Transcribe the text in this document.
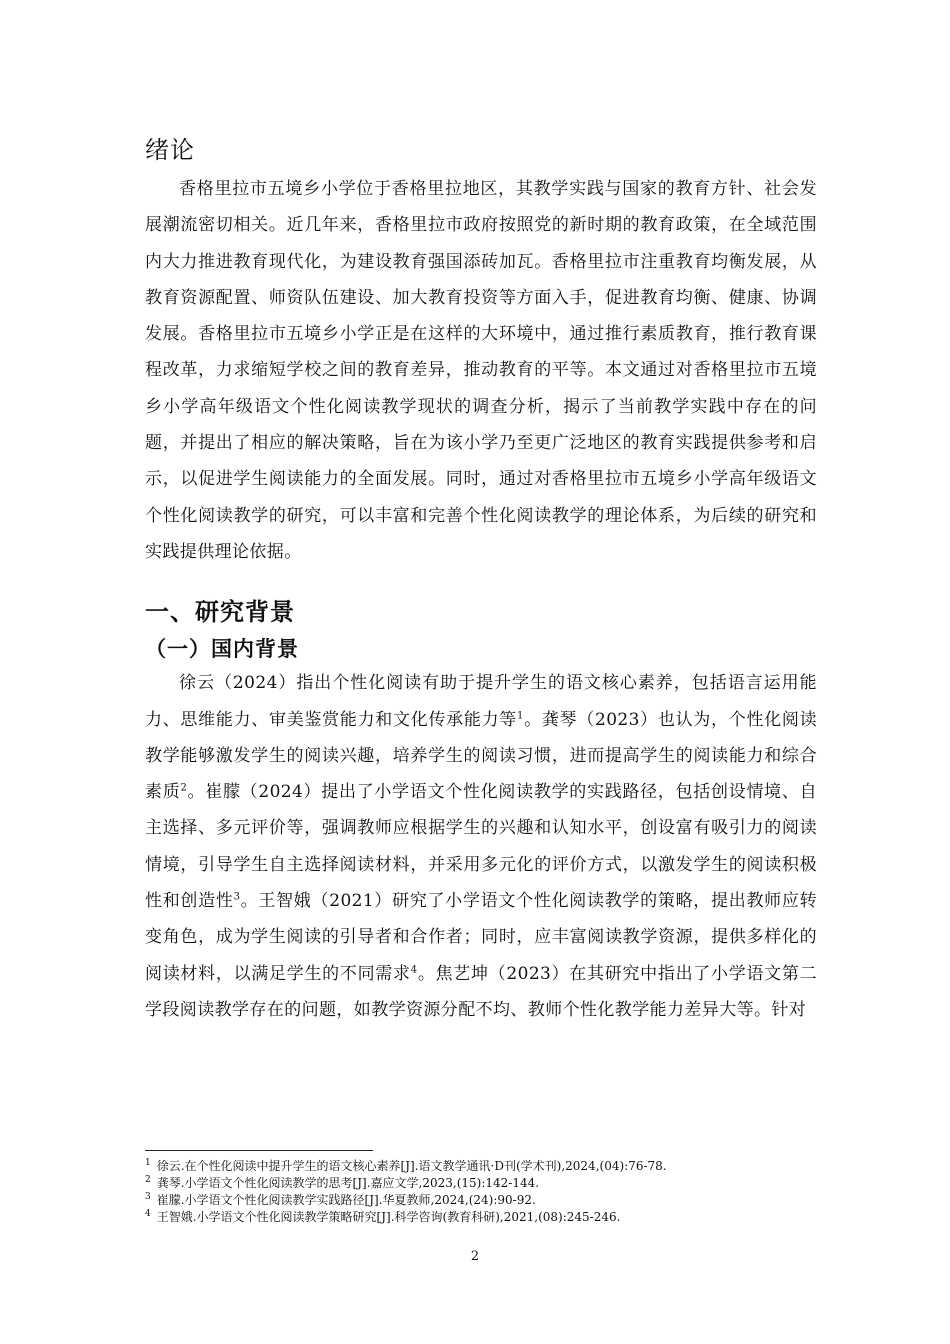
绪论

香格里拉市五境乡小学位于香格里拉地区，其教学实践与国家的教育方针、社会发展潮流密切相关。近几年来，香格里拉市政府按照党的新时期的教育政策，在全域范围内大力推进教育现代化，为建设教育强国添砖加瓦。香格里拉市注重教育均衡发展，从教育资源配置、师资队伍建设、加大教育投资等方面入手，促进教育均衡、健康、协调发展。香格里拉市五境乡小学正是在这样的大环境中，通过推行素质教育，推行教育课程改革，力求缩短学校之间的教育差异，推动教育的平等。本文通过对香格里拉市五境乡小学高年级语文个性化阅读教学现状的调查分析，揭示了当前教学实践中存在的问题，并提出了相应的解决策略，旨在为该小学乃至更广泛地区的教育实践提供参考和启示，以促进学生阅读能力的全面发展。同时，通过对香格里拉市五境乡小学高年级语文个性化阅读教学的研究，可以丰富和完善个性化阅读教学的理论体系，为后续的研究和实践提供理论依据。

一、研究背景
（一）国内背景

徐云（2024）指出个性化阅读有助于提升学生的语文核心素养，包括语言运用能力、思维能力、审美鉴赏能力和文化传承能力等$^1$。龚琴（2023）也认为，个性化阅读教学能够激发学生的阅读兴趣，培养学生的阅读习惯，进而提高学生的阅读能力和综合素质$^2$。崔朦（2024）提出了小学语文个性化阅读教学的实践路径，包括创设情境、自主选择、多元评价等，强调教师应根据学生的兴趣和认知水平，创设富有吸引力的阅读情境，引导学生自主选择阅读材料，并采用多元化的评价方式，以激发学生的阅读积极性和创造性$^3$。王智娥（2021）研究了小学语文个性化阅读教学的策略，提出教师应转变角色，成为学生阅读的引导者和合作者；同时，应丰富阅读教学资源，提供多样化的阅读材料，以满足学生的不同需求$^4$。焦艺坤（2023）在其研究中指出了小学语文第二学段阅读教学存在的问题，如教学资源分配不均、教师个性化教学能力差异大等。针对

$^1$ 徐云.在个性化阅读中提升学生的语文核心素养[J].语文教学通讯·D刊(学术刊),2024,(04):76-78.

$^2$ 龚琴.小学语文个性化阅读教学的思考[J].嘉应文学,2023,(15):142-144.

$^3$ 崔朦.小学语文个性化阅读教学实践路径[J].华夏教师,2024,(24):90-92.

$^4$ 王智娥.小学语文个性化阅读教学策略研究[J].科学咨询(教育科研),2021,(08):245-246.

2
